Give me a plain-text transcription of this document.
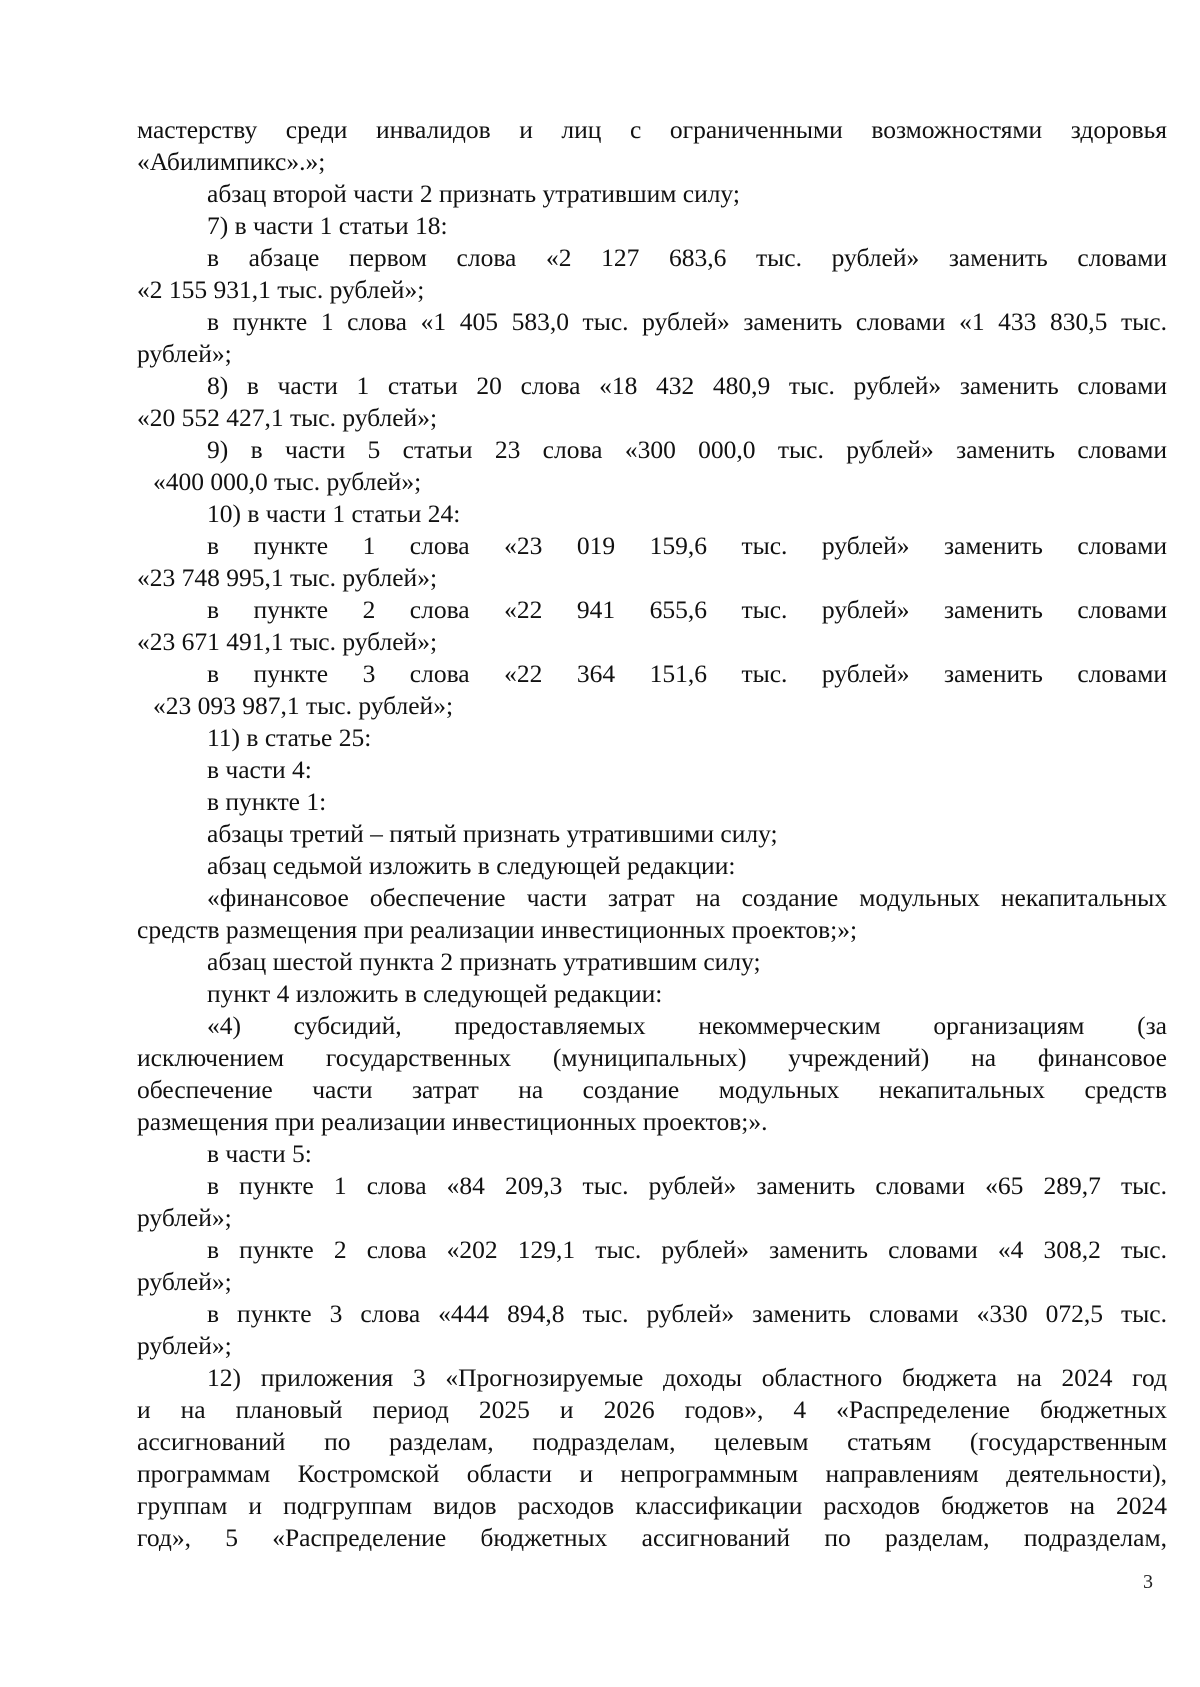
мастерству среди инвалидов и лиц с ограниченными возможностями здоровья
«Абилимпикс».»;
абзац второй части 2 признать утратившим силу;
7) в части 1 статьи 18:
в абзаце первом слова «2 127 683,6 тыс. рублей» заменить словами
«2 155 931,1 тыс. рублей»;
в пункте 1 слова «1 405 583,0 тыс. рублей» заменить словами «1 433 830,5 тыс.
рублей»;
8) в части 1 статьи 20 слова «18 432 480,9 тыс. рублей» заменить словами
«20 552 427,1 тыс. рублей»;
9) в части 5 статьи 23 слова «300 000,0 тыс. рублей» заменить словами
«400 000,0 тыс. рублей»;
10) в части 1 статьи 24:
в пункте 1 слова «23 019 159,6 тыс. рублей» заменить словами
«23 748 995,1 тыс. рублей»;
в пункте 2 слова «22 941 655,6 тыс. рублей» заменить словами
«23 671 491,1 тыс. рублей»;
в пункте 3 слова «22 364 151,6 тыс. рублей» заменить словами
«23 093 987,1 тыс. рублей»;
11) в статье 25:
в части 4:
в пункте 1:
абзацы третий – пятый признать утратившими силу;
абзац седьмой изложить в следующей редакции:
«финансовое обеспечение части затрат на создание модульных некапитальных
средств размещения при реализации инвестиционных проектов;»;
абзац шестой пункта 2 признать утратившим силу;
пункт 4 изложить в следующей редакции:
«4) субсидий, предоставляемых некоммерческим организациям (за
исключением государственных (муниципальных) учреждений) на финансовое
обеспечение части затрат на создание модульных некапитальных средств
размещения при реализации инвестиционных проектов;».
в части 5:
в пункте 1 слова «84 209,3 тыс. рублей» заменить словами «65 289,7 тыс.
рублей»;
в пункте 2 слова «202 129,1 тыс. рублей» заменить словами «4 308,2 тыс.
рублей»;
в пункте 3 слова «444 894,8 тыс. рублей» заменить словами «330 072,5 тыс.
рублей»;
12) приложения 3 «Прогнозируемые доходы областного бюджета на 2024 год
и на плановый период 2025 и 2026 годов», 4 «Распределение бюджетных
ассигнований по разделам, подразделам, целевым статьям (государственным
программам Костромской области и непрограммным направлениям деятельности),
группам и подгруппам видов расходов классификации расходов бюджетов на 2024
год», 5 «Распределение бюджетных ассигнований по разделам, подразделам,
3
